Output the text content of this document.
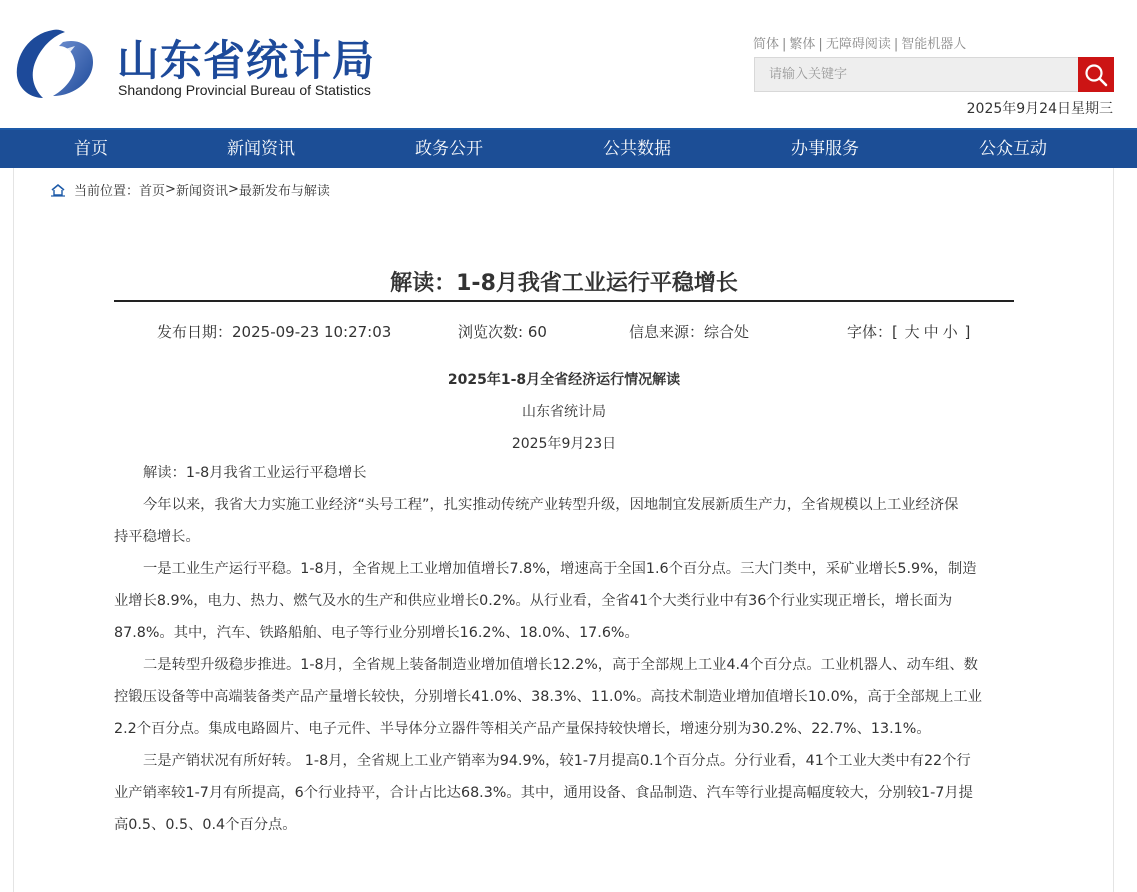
山东省统计局
Shandong Provincial Bureau of Statistics
简体 | 繁体 | 无障碍阅读 | 智能机器人
请输入关键字
2025年9月24日星期三
首页	新闻资讯	政务公开	公共数据	办事服务	公众互动
当前位置： 首页 > 新闻资讯 > 最新发布与解读
解读：1-8月我省工业运行平稳增长
发布日期：2025-09-23 10:27:03	浏览次数: 60	信息来源：综合处	字体：[ 大 中 小 ]
2025年1-8月全省经济运行情况解读
山东省统计局
2025年9月23日
解读：1-8月我省工业运行平稳增长
今年以来，我省大力实施工业经济“头号工程”，扎实推动传统产业转型升级，因地制宜发展新质生产力，全省规模以上工业经济保
持平稳增长。
一是工业生产运行平稳。1-8月，全省规上工业增加值增长7.8%，增速高于全国1.6个百分点。三大门类中，采矿业增长5.9%，制造
业增长8.9%，电力、热力、燃气及水的生产和供应业增长0.2%。从行业看，全省41个大类行业中有36个行业实现正增长，增长面为
87.8%。其中，汽车、铁路船舶、电子等行业分别增长16.2%、18.0%、17.6%。
二是转型升级稳步推进。1-8月，全省规上装备制造业增加值增长12.2%，高于全部规上工业4.4个百分点。工业机器人、动车组、数
控锻压设备等中高端装备类产品产量增长较快，分别增长41.0%、38.3%、11.0%。高技术制造业增加值增长10.0%，高于全部规上工业
2.2个百分点。集成电路圆片、电子元件、半导体分立器件等相关产品产量保持较快增长，增速分别为30.2%、22.7%、13.1%。
三是产销状况有所好转。 1-8月，全省规上工业产销率为94.9%，较1-7月提高0.1个百分点。分行业看，41个工业大类中有22个行
业产销率较1-7月有所提高，6个行业持平，合计占比达68.3%。其中，通用设备、食品制造、汽车等行业提高幅度较大，分别较1-7月提
高0.5、0.5、0.4个百分点。
